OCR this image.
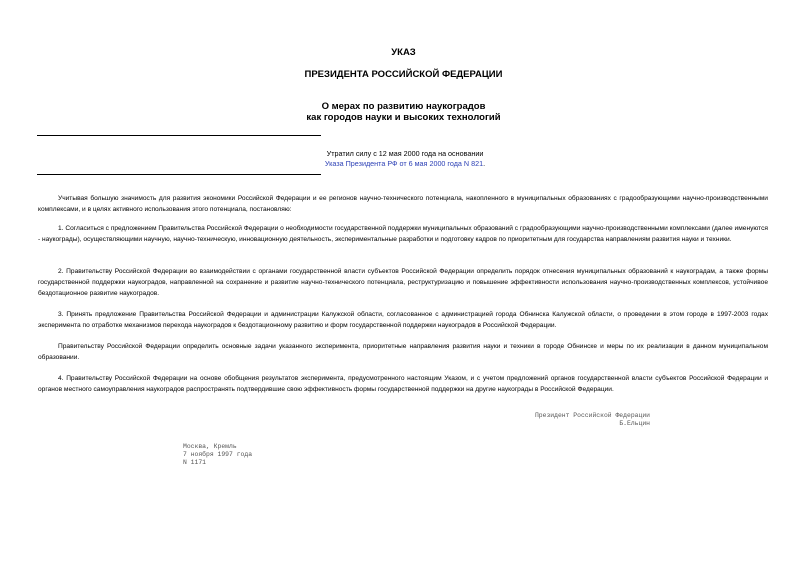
УКАЗ
ПРЕЗИДЕНТА РОССИЙСКОЙ ФЕДЕРАЦИИ
О мерах по развитию наукоградов
как городов науки и высоких технологий
Утратил силу с 12 мая 2000 года на основании
Указа Президента РФ от 6 мая 2000 года N 821.

Учитывая большую значимость для развития экономики Российской Федерации и ее регионов научно-технического потенциала, накопленного в муниципальных образованиях с градообразующими научно-производственными комплексами, и в целях активного использования этого потенциала, постановляю:

1. Согласиться с предложением Правительства Российской Федерации о необходимости государственной поддержки муниципальных образований с градообразующими научно-производственными комплексами (далее именуются - наукограды), осуществляющими научную, научно-техническую, инновационную деятельность, экспериментальные разработки и подготовку кадров по приоритетным для государства направлениям развития науки и техники.

2. Правительству Российской Федерации во взаимодействии с органами государственной власти субъектов Российской Федерации определить порядок отнесения муниципальных образований к наукоградам, а также формы государственной поддержки наукоградов, направленной на сохранение и развитие научно-технического потенциала, реструктуризацию и повышение эффективности использования научно-производственных комплексов, устойчивое бездотационное развитие наукоградов.

3. Принять предложение Правительства Российской Федерации и администрации Калужской области, согласованное с администрацией города Обнинска Калужской области, о проведении в этом городе в 1997-2003 годах эксперимента по отработке механизмов перехода наукоградов к бездотационному развитию и форм государственной поддержки наукоградов в Российской Федерации.

Правительству Российской Федерации определить основные задачи указанного эксперимента, приоритетные направления развития науки и техники в городе Обнинске и меры по их реализации в данном муниципальном образовании.

4. Правительству Российской Федерации на основе обобщения результатов эксперимента, предусмотренного настоящим Указом, и с учетом предложений органов государственной власти субъектов Российской Федерации и органов местного самоуправления наукоградов распространять подтвердившие свою эффективность формы государственной поддержки на другие наукограды в Российской Федерации.

Президент Российской Федерации
Б.Ельцин
Москва, Кремль
7 ноября 1997 года
N 1171
